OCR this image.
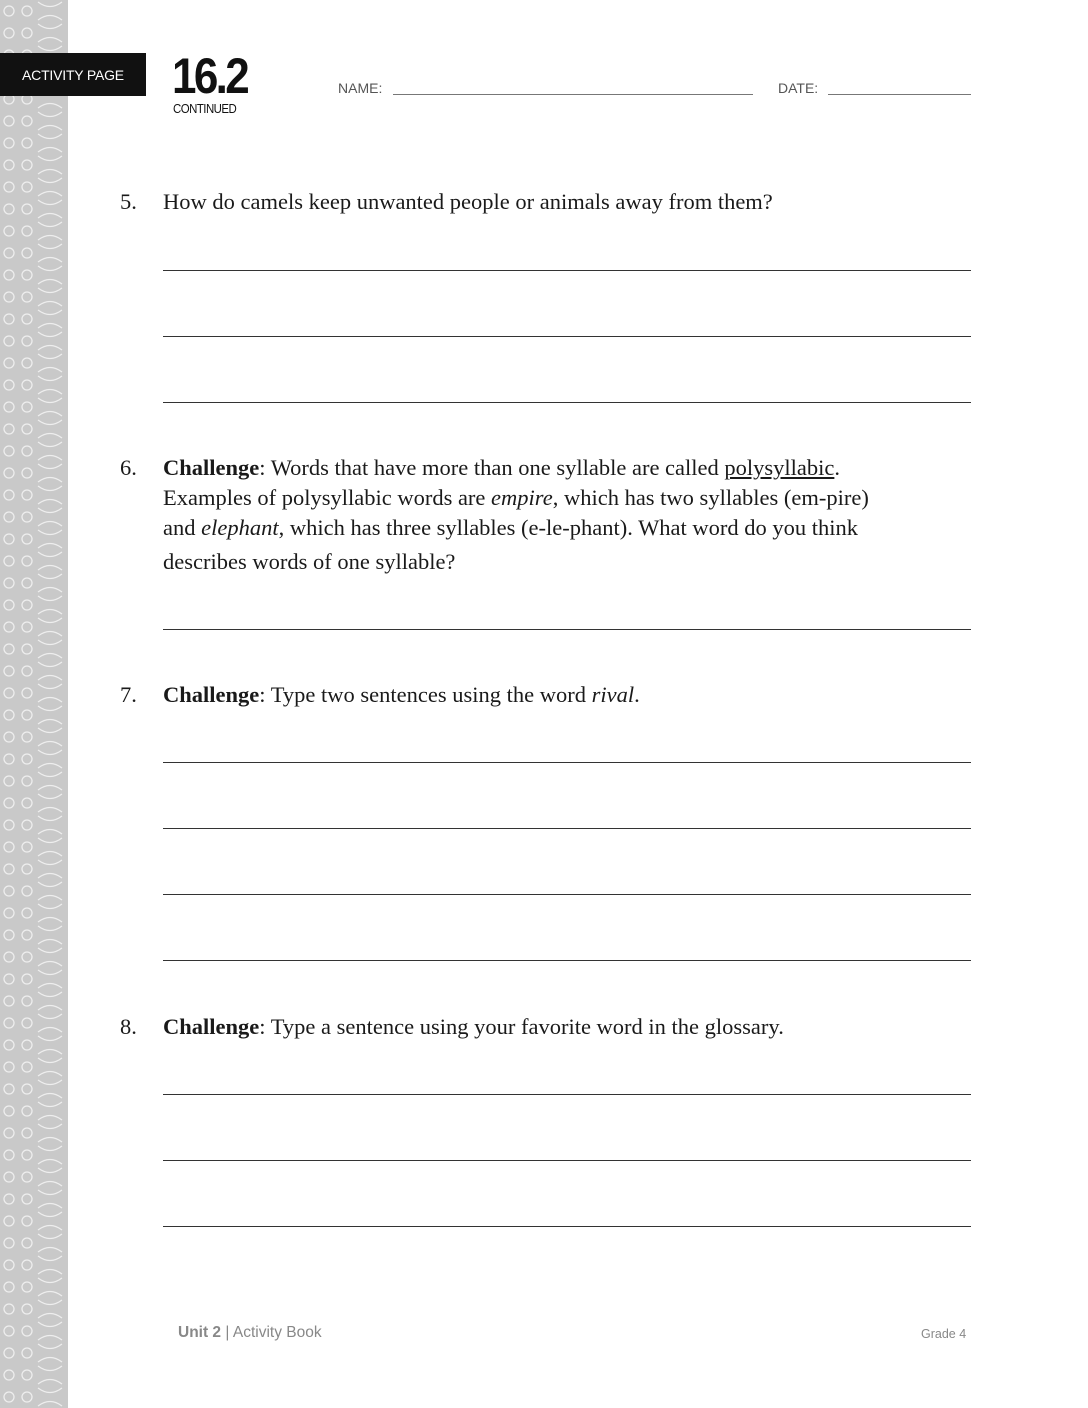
ACTIVITY PAGE 16.2
CONTINUED
NAME:	DATE:
5. How do camels keep unwanted people or animals away from them?
6. Challenge: Words that have more than one syllable are called polysyllabic.
Examples of polysyllabic words are empire, which has two syllables (em-pire)
and elephant, which has three syllables (e-le-phant). What word do you think
describes words of one syllable?
7. Challenge: Type two sentences using the word rival.
8. Challenge: Type a sentence using your favorite word in the glossary.
Unit 2 | Activity Book	Grade 4
